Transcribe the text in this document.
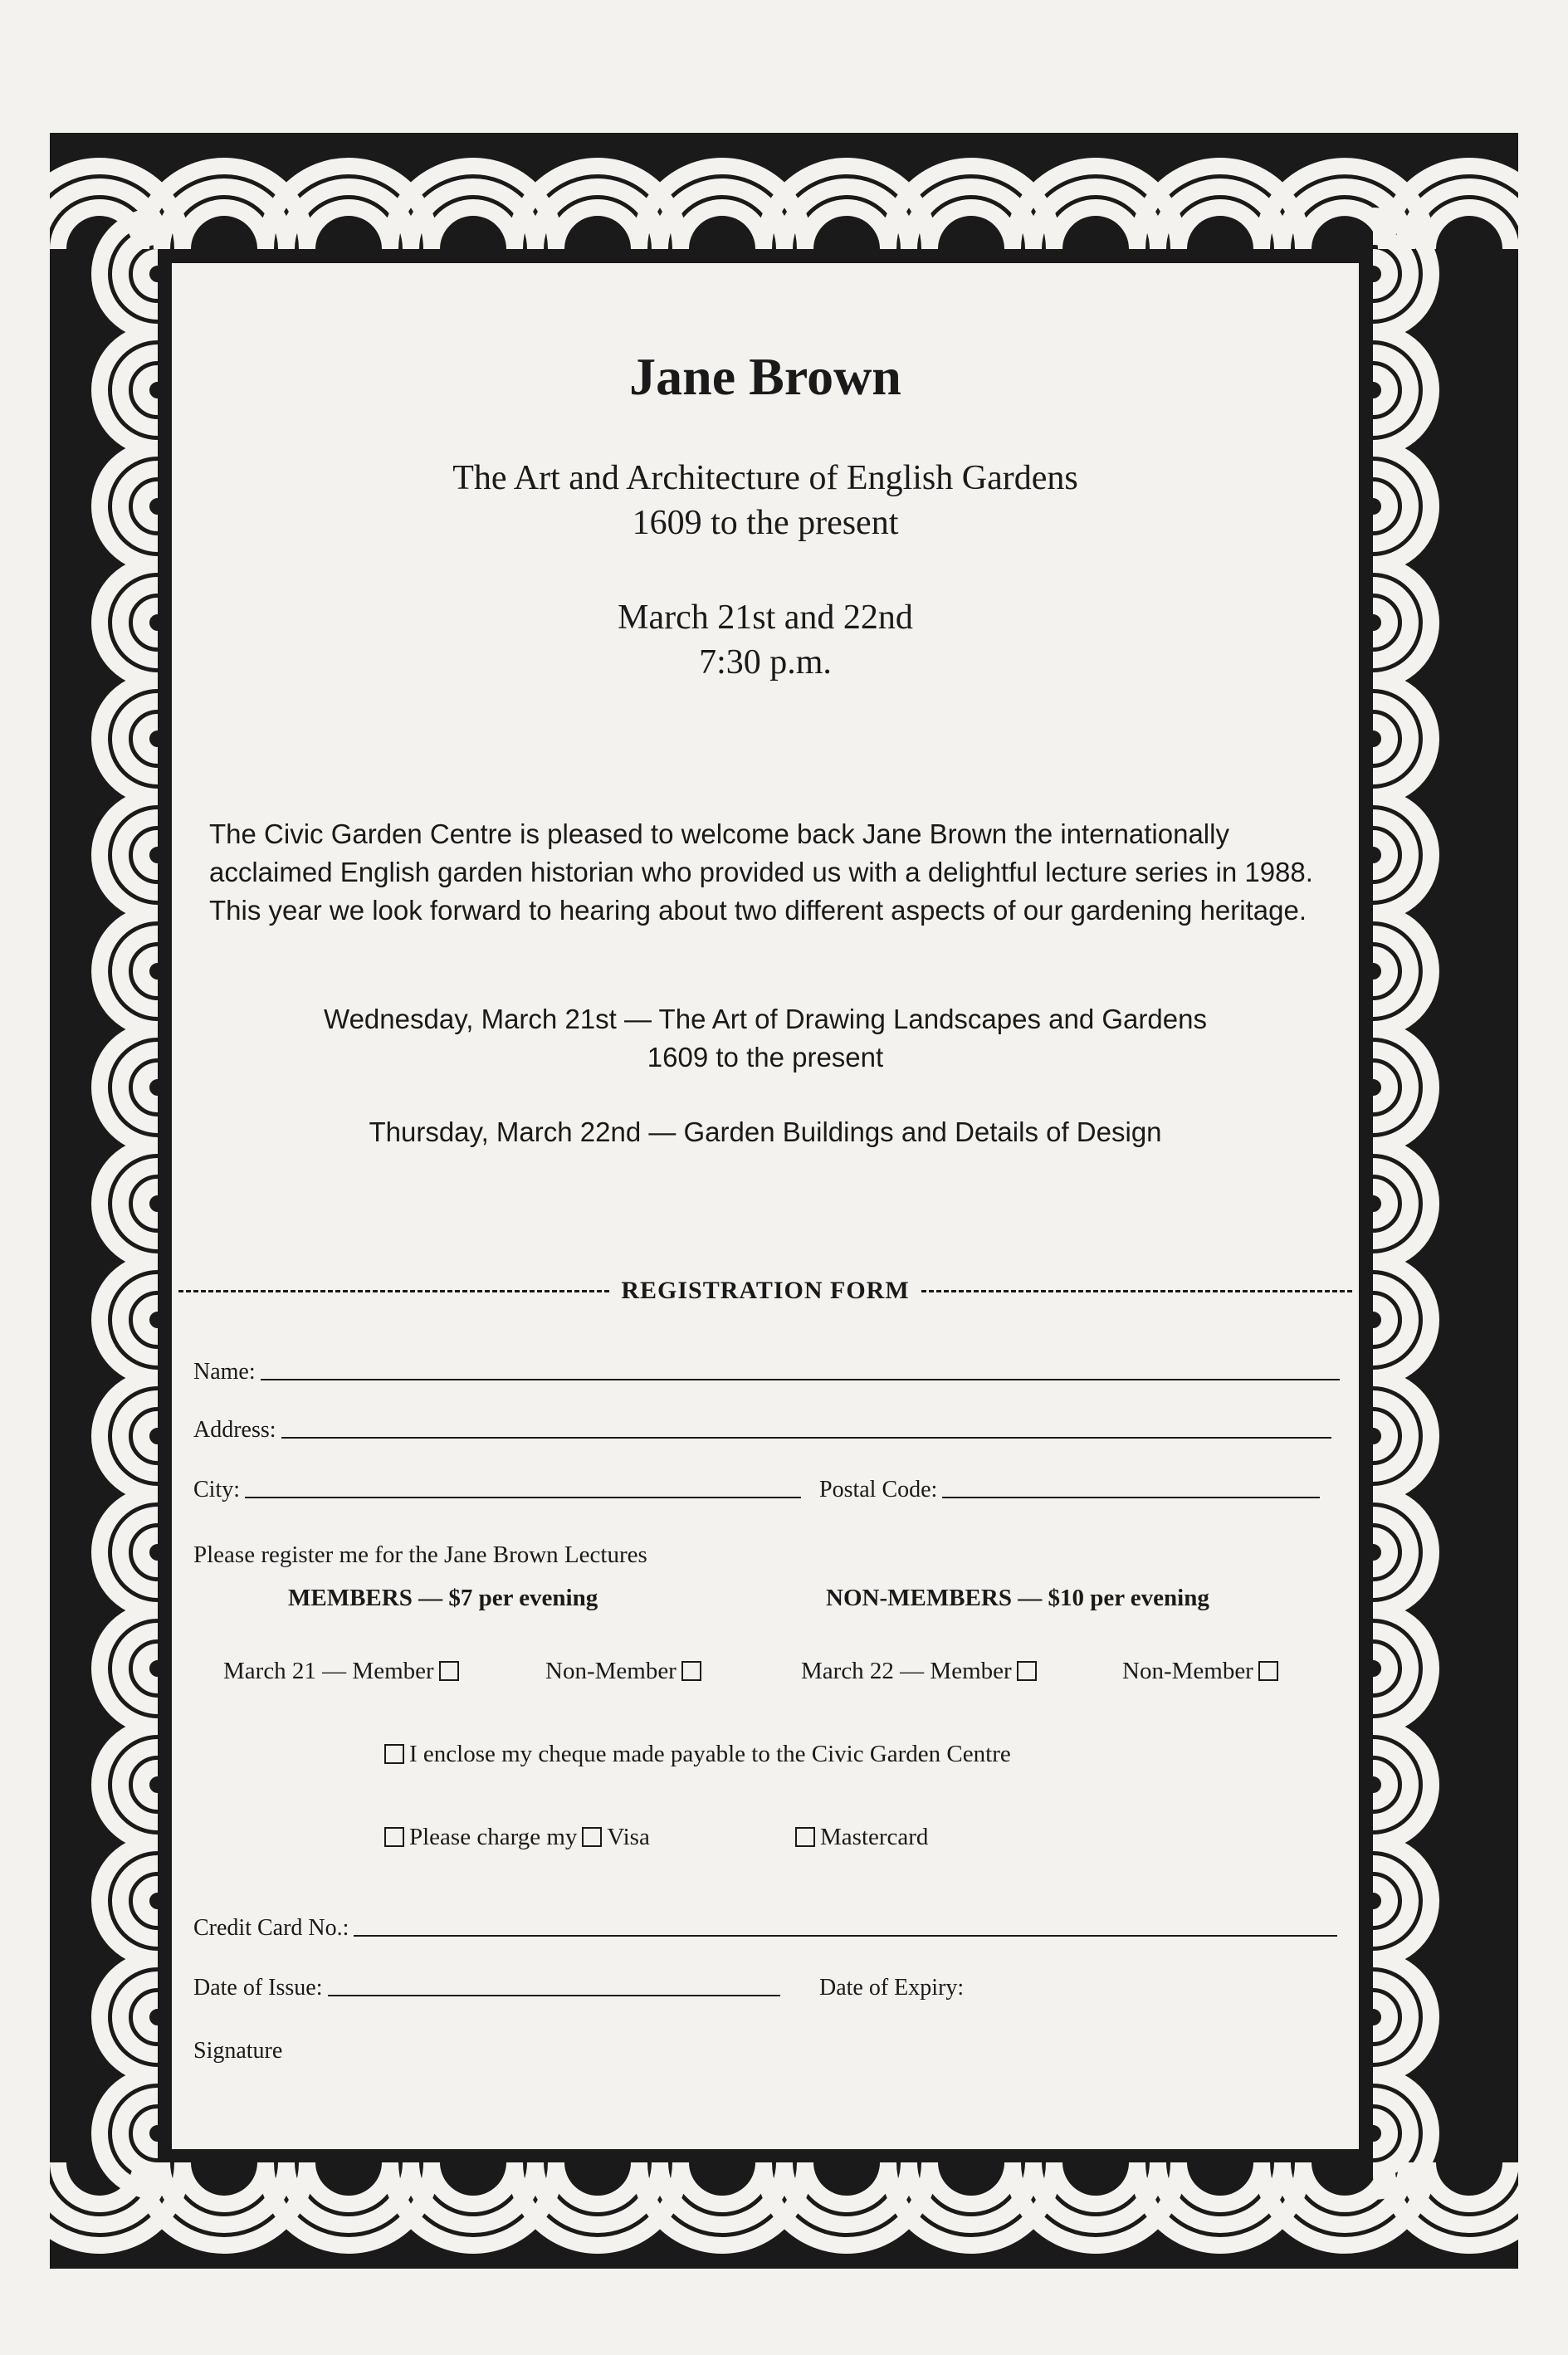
Jane Brown
The Art and Architecture of English Gardens
1609 to the present
March 21st and 22nd
7:30 p.m.
The Civic Garden Centre is pleased to welcome back Jane Brown the internationally acclaimed English garden historian who provided us with a delightful lecture series in 1988. This year we look forward to hearing about two different aspects of our gardening heritage.
Wednesday, March 21st — The Art of Drawing Landscapes and Gardens
1609 to the present
Thursday, March 22nd — Garden Buildings and Details of Design
REGISTRATION FORM
Name:
Address:
City:	Postal Code:
Please register me for the Jane Brown Lectures
MEMBERS — $7 per evening	NON-MEMBERS — $10 per evening
March 21 — Member	Non-Member	March 22 — Member	Non-Member
I enclose my cheque made payable to the Civic Garden Centre
Please charge my Visa	Mastercard
Credit Card No.:
Date of Issue:	Date of Expiry:
Signature
